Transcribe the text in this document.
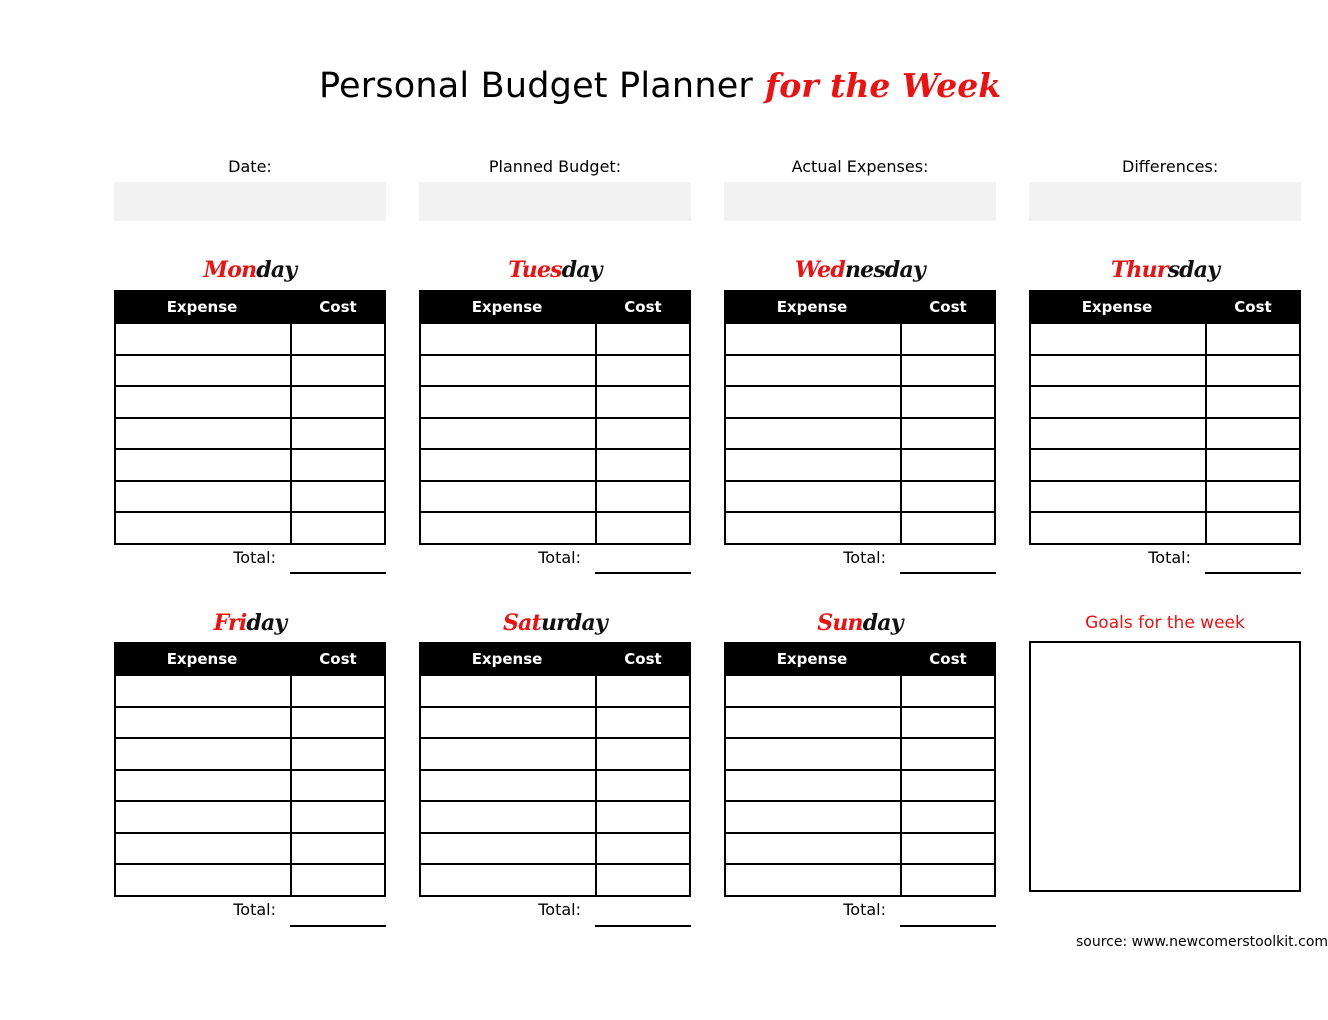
Personal Budget Planner for the Week
Date:	Planned Budget:	Actual Expenses:	Differences:
Monday
Expense	Cost
Total:
Tuesday
Expense	Cost
Total:
Wednesday
Expense	Cost
Total:
Thursday
Expense	Cost
Total:
Friday
Expense	Cost
Total:
Saturday
Expense	Cost
Total:
Sunday
Expense	Cost
Total:
Goals for the week
source: www.newcomerstoolkit.com
